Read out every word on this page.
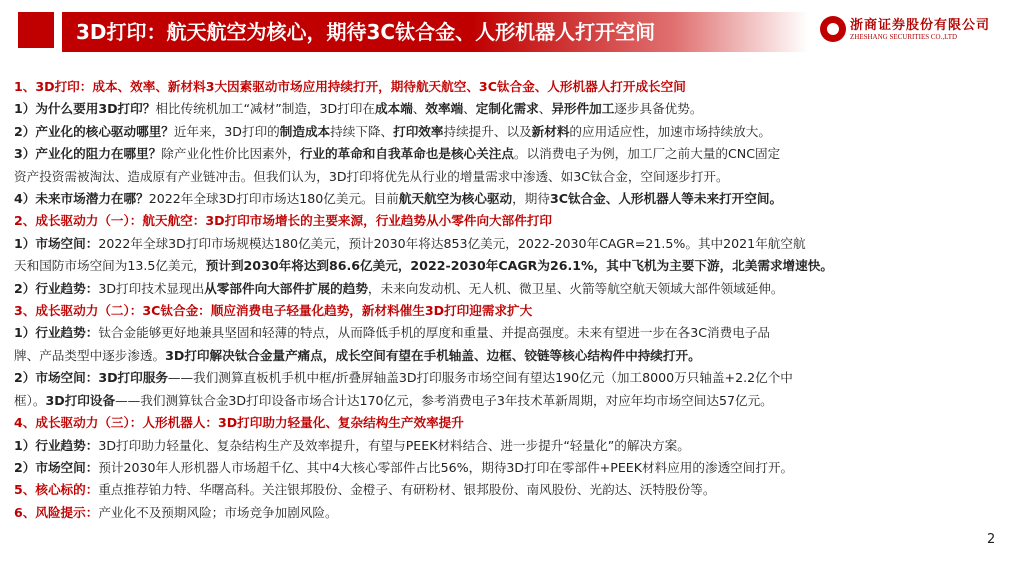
3D打印：航天航空为核心，期待3C钛合金、人形机器人打开空间	浙商证券股份有限公司
ZHESHANG SECURITIES CO.,LTD
1、3D打印：成本、效率、新材料3大因素驱动市场应用持续打开，期待航天航空、3C钛合金、人形机器人打开成长空间
1）为什么要用3D打印？相比传统机加工“减材”制造，3D打印在成本端、效率端、定制化需求、异形件加工逐步具备优势。
2）产业化的核心驱动哪里？近年来，3D打印的制造成本持续下降、打印效率持续提升、以及新材料的应用适应性，加速市场持续放大。
3）产业化的阻力在哪里？除产业化性价比因素外，行业的革命和自我革命也是核心关注点。以消费电子为例，加工厂之前大量的CNC固定
资产投资需被淘汰、造成原有产业链冲击。但我们认为，3D打印将优先从行业的增量需求中渗透、如3C钛合金，空间逐步打开。
4）未来市场潜力在哪？2022年全球3D打印市场达180亿美元。目前航天航空为核心驱动，期待3C钛合金、人形机器人等未来打开空间。
2、成长驱动力（一）：航天航空：3D打印市场增长的主要来源，行业趋势从小零件向大部件打印
1）市场空间：2022年全球3D打印市场规模达180亿美元，预计2030年将达853亿美元，2022-2030年CAGR=21.5%。其中2021年航空航
天和国防市场空间为13.5亿美元，预计到2030年将达到86.6亿美元，2022-2030年CAGR为26.1%，其中飞机为主要下游，北美需求增速快。
2）行业趋势：3D打印技术显现出从零部件向大部件扩展的趋势，未来向发动机、无人机、微卫星、火箭等航空航天领域大部件领域延伸。
3、成长驱动力（二）：3C钛合金：顺应消费电子轻量化趋势，新材料催生3D打印迎需求扩大
1）行业趋势：钛合金能够更好地兼具坚固和轻薄的特点，从而降低手机的厚度和重量、并提高强度。未来有望进一步在各3C消费电子品
牌、产品类型中逐步渗透。3D打印解决钛合金量产痛点，成长空间有望在手机轴盖、边框、铰链等核心结构件中持续打开。
2）市场空间：3D打印服务——我们测算直板机手机中框/折叠屏轴盖3D打印服务市场空间有望达190亿元（加工8000万只轴盖+2.2亿个中
框）。3D打印设备——我们测算钛合金3D打印设备市场合计达170亿元，参考消费电子3年技术革新周期，对应年均市场空间达57亿元。
4、成长驱动力（三）：人形机器人：3D打印助力轻量化、复杂结构生产效率提升
1）行业趋势：3D打印助力轻量化、复杂结构生产及效率提升，有望与PEEK材料结合、进一步提升“轻量化”的解决方案。
2）市场空间：预计2030年人形机器人市场超千亿、其中4大核心零部件占比56%，期待3D打印在零部件+PEEK材料应用的渗透空间打开。
5、核心标的：重点推荐铂力特、华曙高科。关注银邦股份、金橙子、有研粉材、银邦股份、南风股份、光韵达、沃特股份等。
6、风险提示：产业化不及预期风险；市场竞争加剧风险。
2
